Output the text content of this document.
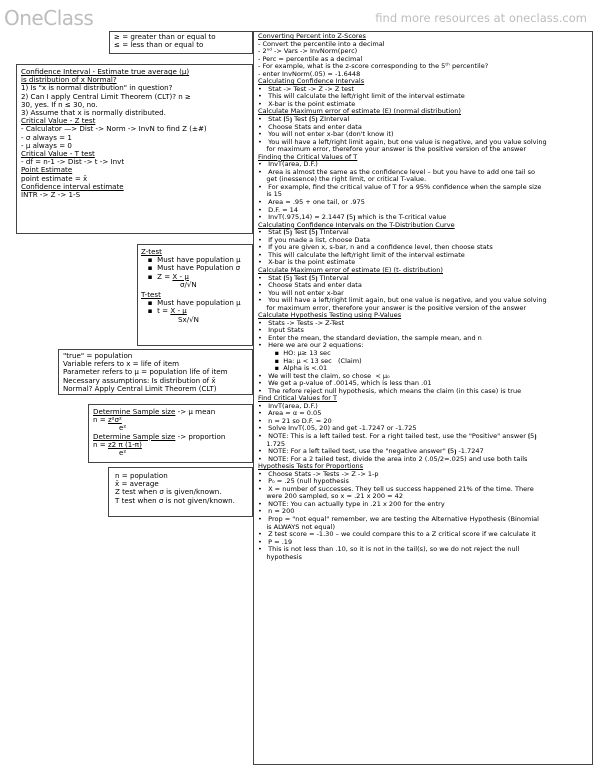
OneClass	find more resources at oneclass.com
≥ = greater than or equal to
≤ = less than or equal to
Confidence Interval - Estimate true average (µ)
is distribution of x Normal?
1) Is "x is normal distribution" in question?
2) Can I apply Central Limit Theorem (CLT)? n ≥
30, yes. If n ≤ 30, no.
3) Assume that x is normally distributed.
Critical Value - Z test
- Calculator —> Dist -> Norm -> InvN to find Z (±#)
- σ always = 1
- µ always = 0
Critical Value - T test
- df = n-1 -> Dist -> t -> Invt
Point Estimate
point estimate = x̄
Confidence interval estimate
INTR -> Z -> 1-S
Z-test
▪  Must have population µ
▪  Must have Population σ
▪  Z = X - µ
σ/√N
T-test
▪  Must have population µ
▪  t = X - µ
Sx/√N
"true" = population
Variable refers to x = life of item
Parameter refers to µ = population life of item
Necessary assumptions: Is distribution of x̄
Normal? Apply Central Limit Theorem (CLT)
Determine Sample size -> µ mean
n = z²σ²
e²
Determine Sample size -> proportion
n = z2 π (1-π)
e²
n = population
x̄ = average
Z test when σ is given/known.
T test when σ is not given/known.
Converting Percent into Z-Scores
- Convert the percentile into a decimal
- 2ⁿᵈ -> Vars -> InvNorm(perc)
- Perc = percentile as a decimal
- For example, what is the z-score corresponding to the 5ᵗʰ percentile?
- enter InvNorm(.05) = -1.6448
Calculating Confidence Intervals
•   Stat -> Test -> Z -> Z test
•   This will calculate the left/right limit of the interval estimate
•   X-bar is the point estimate
Calculate Maximum error of estimate (E) (normal distribution)
•   Stat ⦗5⦘ Test ⦗5⦘ ZInterval
•   Choose Stats and enter data
•   You will not enter x-bar (don't know it)
•   You will have a left/right limit again, but one value is negative, and you value solving
for maximum error, therefore your answer is the positive version of the answer
Finding the Critical Values of T
•   InvT(area, D.F.)
•   Area is almost the same as the confidence level – but you have to add one tail so
get (inessence) the right limit, or critical T-value.
•   For example, find the critical value of T for a 95% confidence when the sample size
is 15
•   Area = .95 + one tail, or .975
•   D.F. = 14
•   InvT(.975,14) = 2.1447 ⦗5⦘ which is the T-critical value
Calculating Confidence Intervals on the T-Distribution Curve
•   Stat ⦗5⦘ Test ⦗5⦘ TInterval
•   If you made a list, choose Data
•   If you are given x, s-bar, n and a confidence level, then choose stats
•   This will calculate the left/right limit of the interval estimate
•   X-bar is the point estimate
Calculate Maximum error of estimate (E) (t- distribution)
•   Stat ⦗5⦘ Test ⦗5⦘ TInterval
•   Choose Stats and enter data
•   You will not enter x-bar
•   You will have a left/right limit again, but one value is negative, and you value solving
for maximum error, therefore your answer is the positive version of the answer
Calculate Hypothesis Testing using P-Values
•   Stats -> Tests -> Z-Test
•   Input Stats
•   Enter the mean, the standard deviation, the sample mean, and n
•   Here we are our 2 equations:
▪  HO: µ≥ 13 sec
▪  Ha: µ < 13 sec   (Claim)
▪  Alpha is <.01
•   We will test the claim, so chose  < µ₀
•   We get a p-value of .00145, which is less than .01
•   The refore reject null hypothesis, which means the claim (in this case) is true
Find Critical Values for T
•   InvT(area, D.F.)
•   Area = α = 0.05
•   n = 21 so D.F. = 20
•   Solve InvT(.05, 20) and get -1.7247 or -1.725
•   NOTE: This is a left tailed test. For a right tailed test, use the "Positive" answer ⦗5⦘
1.725
•   NOTE: For a left tailed test, use the "negative answer" ⦗5⦘ -1.7247
•   NOTE: For a 2 tailed test, divide the area into 2 (.05/2=.025) and use both tails
Hypothesis Tests for Proportions
•   Choose Stats -> Tests -> Z -> 1-p
•   P₀ = .25 (null hypothesis
•   X = number of successes. They tell us success happened 21% of the time. There
were 200 sampled, so x = .21 x 200 = 42
•   NOTE: You can actually type in .21 x 200 for the entry
•   n = 200
•   Prop = "not equal" remember, we are testing the Alternative Hypothesis (Binomial
is ALWAYS not equal)
•   Z test score = -1.30 – we could compare this to a Z critical score if we calculate it
•   P = .19
•   This is not less than .10, so it is not in the tail(s), so we do not reject the null
hypothesis
